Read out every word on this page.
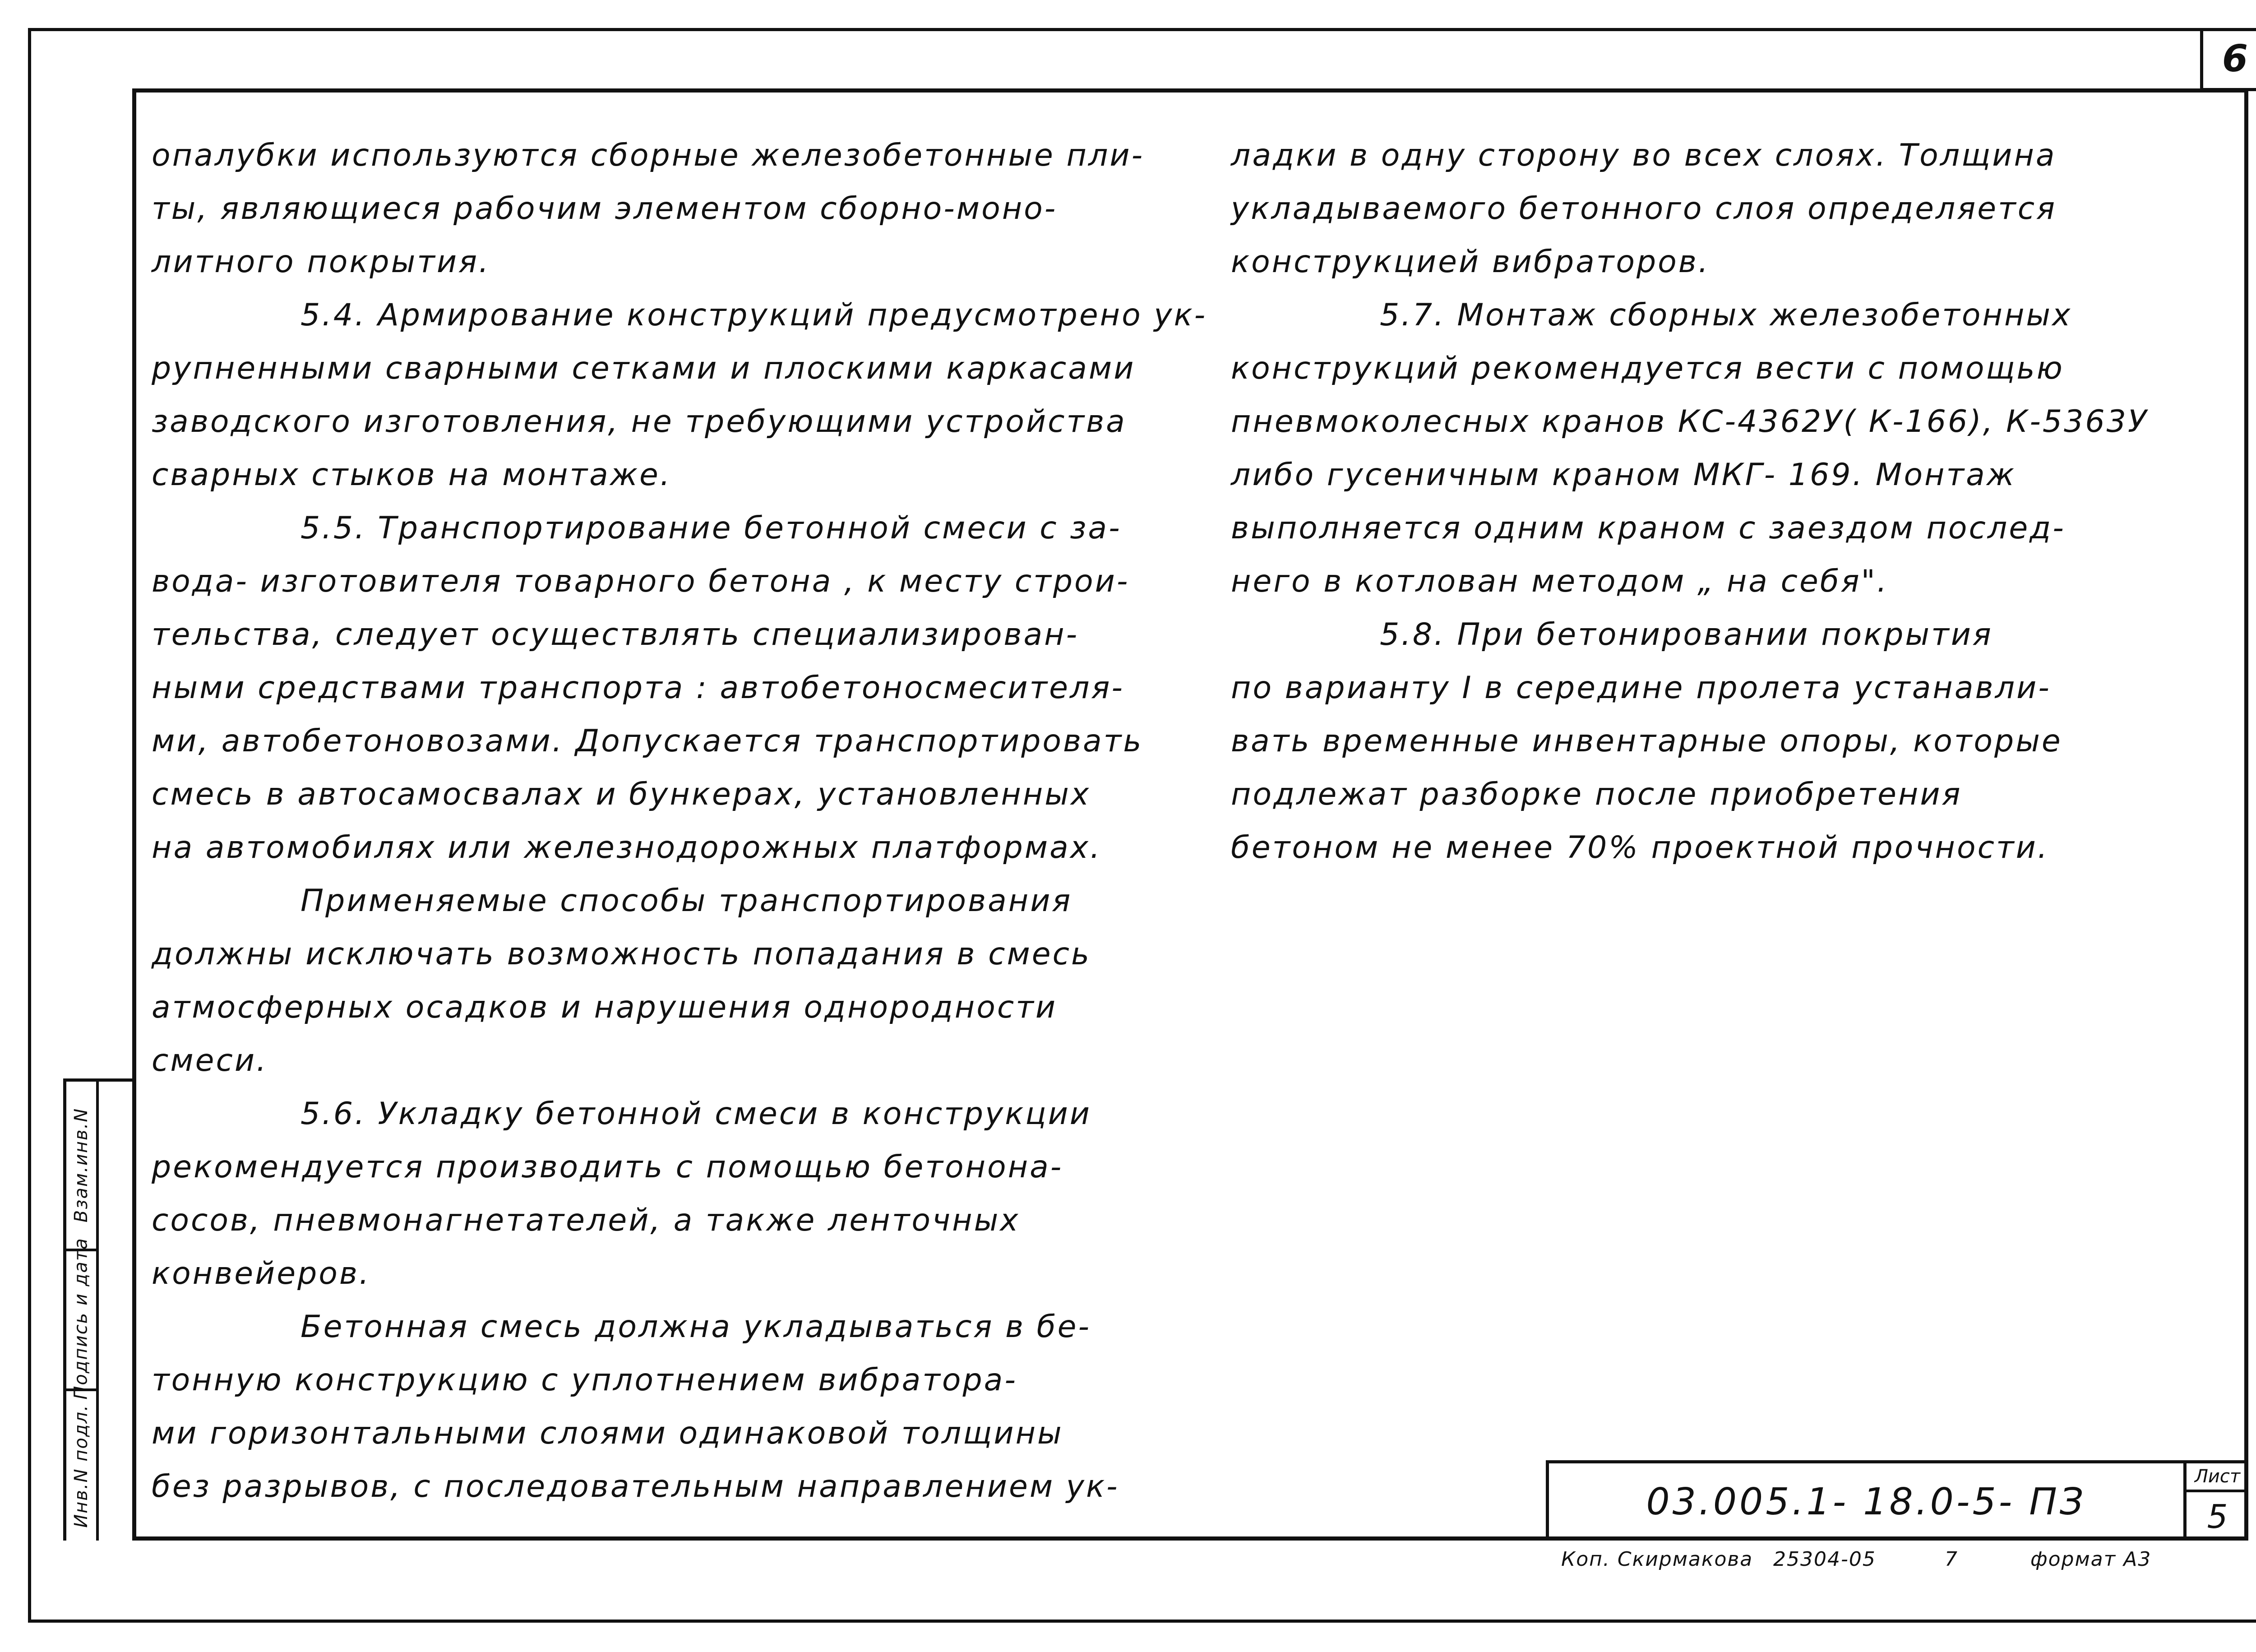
6
опалубки используются сборные железобетонные пли-
ты, являющиеся рабочим элементом сборно-моно-
литного покрытия.
5.4. Армирование конструкций предусмотрено ук-
рупненными сварными сетками и плоскими каркасами
заводского изготовления, не требующими устройства
сварных стыков на монтаже.
5.5. Транспортирование бетонной смеси с за-
вода- изготовителя товарного бетона , к месту строи-
тельства, следует осуществлять специализирован-
ными средствами транспорта : автобетоносмесителя-
ми, автобетоновозами. Допускается транспортировать
смесь в автосамосвалах и бункерах, установленных
на автомобилях или железнодорожных платформах.
Применяемые способы транспортирования
должны исключать возможность попадания в смесь
атмосферных осадков и нарушения однородности
смеси.
5.6. Укладку бетонной смеси в конструкции
рекомендуется производить с помощью бетонона-
сосов, пневмонагнетателей, а также ленточных
конвейеров.
Бетонная смесь должна укладываться в бе-
тонную конструкцию с уплотнением вибратора-
ми горизонтальными слоями одинаковой толщины
без разрывов, с последовательным направлением ук-
ладки в одну сторону во всех слоях. Толщина
укладываемого бетонного слоя определяется
конструкцией вибраторов.
5.7. Монтаж сборных железобетонных
конструкций рекомендуется вести с помощью
пневмоколесных кранов КС-4362У( К-166), К-5363У
либо гусеничным краном МКГ- 169. Монтаж
выполняется одним краном с заездом послед-
него в котлован методом „ на себя".
5.8. При бетонировании покрытия
по варианту I в середине пролета устанавли-
вать временные инвентарные опоры, которые
подлежат разборке после приобретения
бетоном не менее 70% проектной прочности.
Инв.N подл.
Подпись и дата
Взам.инв.N
03.005.1- 18.0-5- ПЗ
Лист
5
Коп. Скирмакова 25304-05	7	формат А3
